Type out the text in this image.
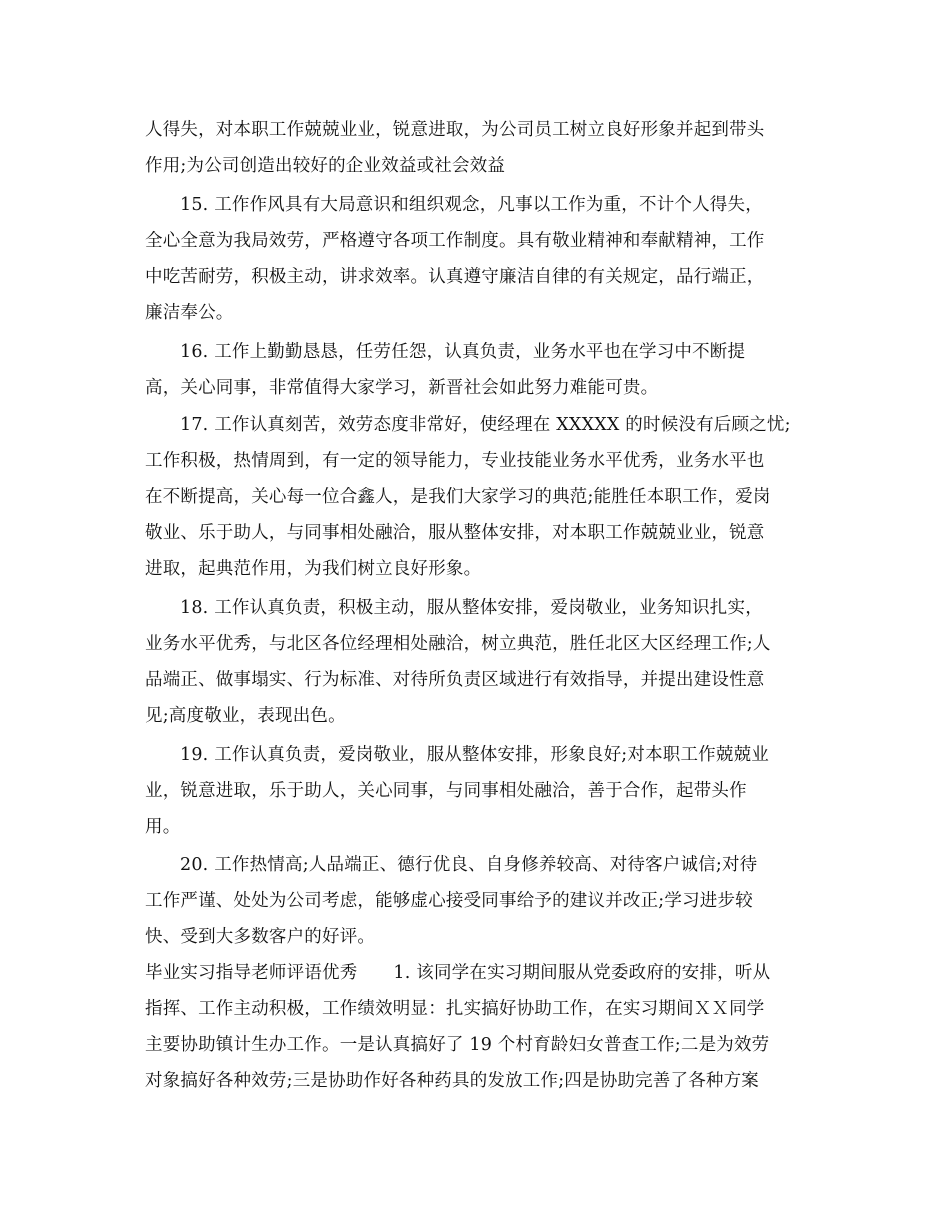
人得失，对本职工作兢兢业业，锐意进取，为公司员工树立良好形象并起到带头
作用;为公司创造出较好的企业效益或社会效益
15. 工作作风具有大局意识和组织观念，凡事以工作为重，不计个人得失，
全心全意为我局效劳，严格遵守各项工作制度。具有敬业精神和奉献精神，工作
中吃苦耐劳，积极主动，讲求效率。认真遵守廉洁自律的有关规定，品行端正，
廉洁奉公。
16. 工作上勤勤恳恳，任劳任怨，认真负责，业务水平也在学习中不断提
高，关心同事，非常值得大家学习，新晋社会如此努力难能可贵。
17. 工作认真刻苦，效劳态度非常好，使经理在 XXXXX 的时候没有后顾之忧;
工作积极，热情周到，有一定的领导能力，专业技能业务水平优秀，业务水平也
在不断提高，关心每一位合鑫人，是我们大家学习的典范;能胜任本职工作，爱岗
敬业、乐于助人，与同事相处融洽，服从整体安排，对本职工作兢兢业业，锐意
进取，起典范作用，为我们树立良好形象。
18. 工作认真负责，积极主动，服从整体安排，爱岗敬业，业务知识扎实，
业务水平优秀，与北区各位经理相处融洽，树立典范，胜任北区大区经理工作;人
品端正、做事塌实、行为标准、对待所负责区域进行有效指导，并提出建设性意
见;高度敬业，表现出色。
19. 工作认真负责，爱岗敬业，服从整体安排，形象良好;对本职工作兢兢业
业，锐意进取，乐于助人，关心同事，与同事相处融洽，善于合作，起带头作
用。
20. 工作热情高;人品端正、德行优良、自身修养较高、对待客户诚信;对待
工作严谨、处处为公司考虑，能够虚心接受同事给予的建议并改正;学习进步较
快、受到大多数客户的好评。
毕业实习指导老师评语优秀 1. 该同学在实习期间服从党委政府的安排，听从
指挥、工作主动积极，工作绩效明显：扎实搞好协助工作，在实习期间ＸＸ同学
主要协助镇计生办工作。一是认真搞好了 19 个村育龄妇女普查工作;二是为效劳
对象搞好各种效劳;三是协助作好各种药具的发放工作;四是协助完善了各种方案
